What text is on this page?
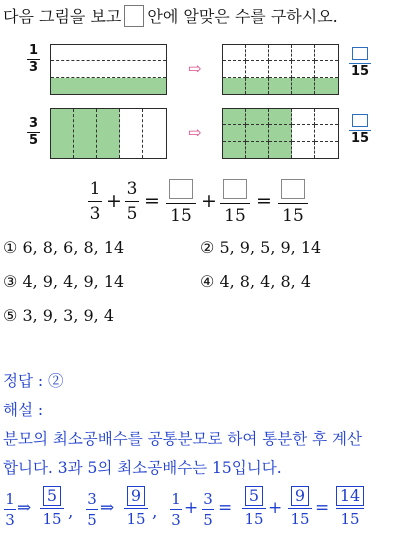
다음 그림을 보고 안에 알맞은 수를 구하시오.
1
3	⇨	15
3
5	⇨	15
1
3
+
3
5
=
15
+
15
=
15
① 6, 8, 6, 8, 14	② 5, 9, 5, 9, 14
③ 4, 9, 4, 9, 14	④ 4, 8, 4, 8, 4
⑤ 3, 9, 3, 9, 4
정답 : ②
해설 :
분모의 최소공배수를 공통분모로 하여 통분한 후 계산
합니다. 3과 5의 최소공배수는 15입니다.
1
3
⇒ $\frac{5}{15}$ ,
3
5
⇒ $\frac{9}{15}$ ,
1
3
+ 3
5
= $\frac{5}{15} + \frac{9}{15} = \frac{14}{15}$
